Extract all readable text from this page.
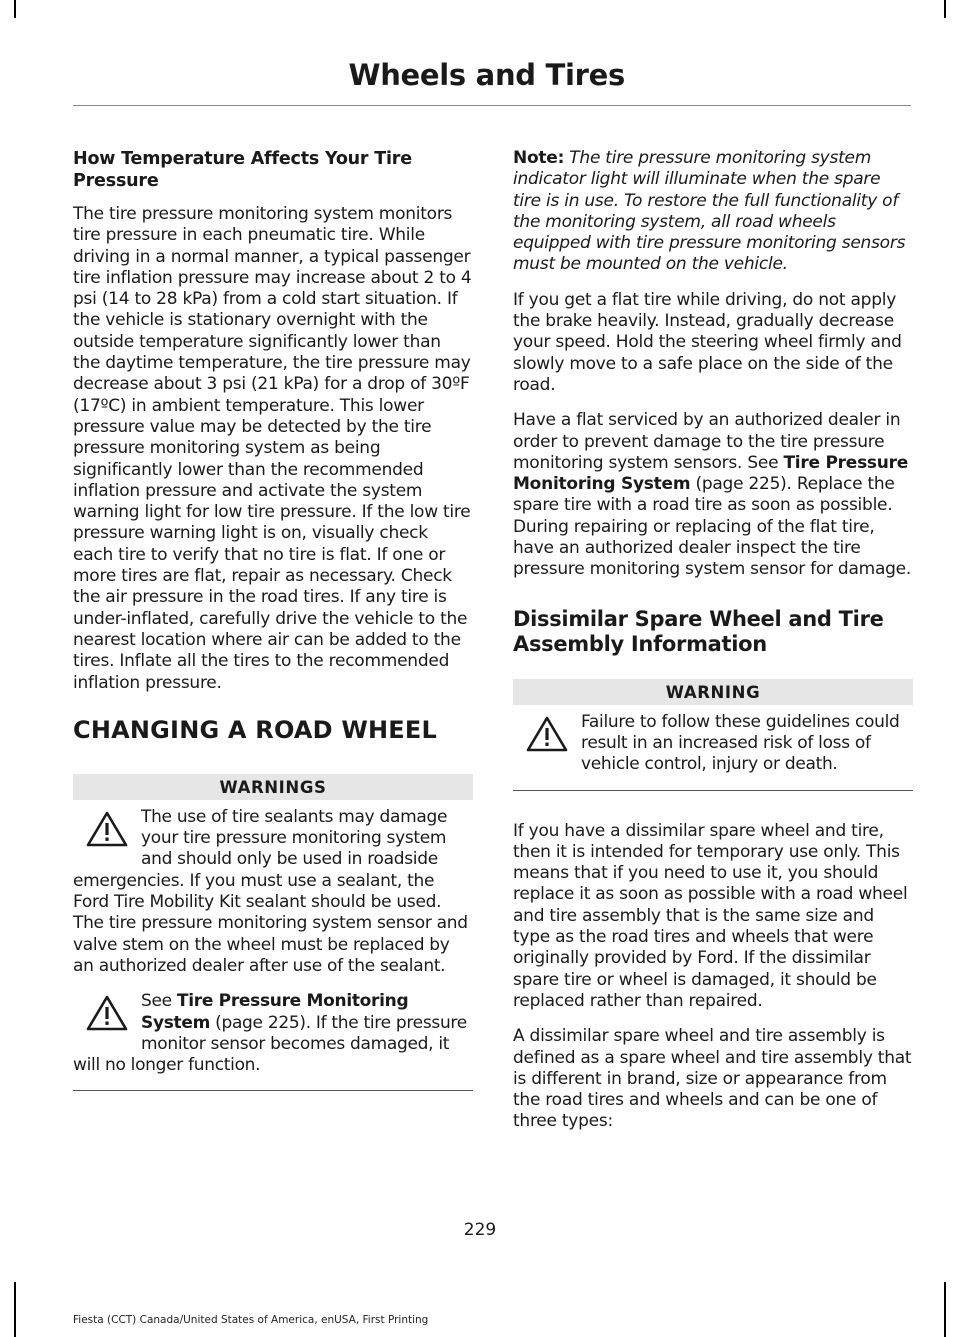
Wheels and Tires
How Temperature Affects Your Tire Pressure

The tire pressure monitoring system monitors tire pressure in each pneumatic tire. While driving in a normal manner, a typical passenger tire inflation pressure may increase about 2 to 4 psi (14 to 28 kPa) from a cold start situation. If the vehicle is stationary overnight with the outside temperature significantly lower than the daytime temperature, the tire pressure may decrease about 3 psi (21 kPa) for a drop of 30ºF (17ºC) in ambient temperature. This lower pressure value may be detected by the tire pressure monitoring system as being significantly lower than the recommended inflation pressure and activate the system warning light for low tire pressure. If the low tire pressure warning light is on, visually check each tire to verify that no tire is flat. If one or more tires are flat, repair as necessary. Check the air pressure in the road tires. If any tire is under-inflated, carefully drive the vehicle to the nearest location where air can be added to the tires. Inflate all the tires to the recommended inflation pressure.

CHANGING A ROAD WHEEL
WARNINGS
The use of tire sealants may damage your tire pressure monitoring system and should only be used in roadside emergencies. If you must use a sealant, the Ford Tire Mobility Kit sealant should be used. The tire pressure monitoring system sensor and valve stem on the wheel must be replaced by an authorized dealer after use of the sealant.
See Tire Pressure Monitoring System (page 225). If the tire pressure monitor sensor becomes damaged, it will no longer function.

Note: The tire pressure monitoring system indicator light will illuminate when the spare tire is in use. To restore the full functionality of the monitoring system, all road wheels equipped with tire pressure monitoring sensors must be mounted on the vehicle.

If you get a flat tire while driving, do not apply the brake heavily. Instead, gradually decrease your speed. Hold the steering wheel firmly and slowly move to a safe place on the side of the road.

Have a flat serviced by an authorized dealer in order to prevent damage to the tire pressure monitoring system sensors. See Tire Pressure Monitoring System (page 225). Replace the spare tire with a road tire as soon as possible. During repairing or replacing of the flat tire, have an authorized dealer inspect the tire pressure monitoring system sensor for damage.

Dissimilar Spare Wheel and Tire Assembly Information
WARNING
Failure to follow these guidelines could result in an increased risk of loss of vehicle control, injury or death.

If you have a dissimilar spare wheel and tire, then it is intended for temporary use only. This means that if you need to use it, you should replace it as soon as possible with a road wheel and tire assembly that is the same size and type as the road tires and wheels that were originally provided by Ford. If the dissimilar spare tire or wheel is damaged, it should be replaced rather than repaired.

A dissimilar spare wheel and tire assembly is defined as a spare wheel and tire assembly that is different in brand, size or appearance from the road tires and wheels and can be one of three types:

229
Fiesta (CCT) Canada/United States of America, enUSA, First Printing
